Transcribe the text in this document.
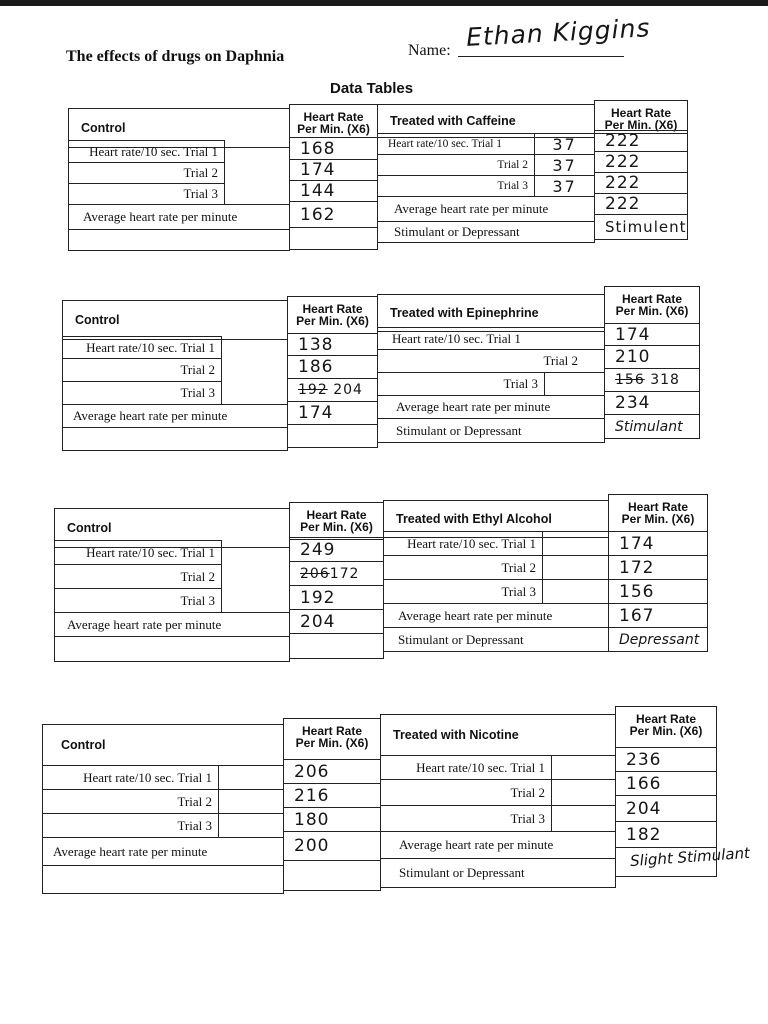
The effects of drugs on Daphnia	Name: Ethan Kiggins
Data Tables
Control
Heart Rate
Per Min. (X6)
Treated with Caffeine
Heart Rate
Per Min. (X6)
Heart rate/10 sec. Trial 1
Trial 2
Trial 3
Average heart rate per minute
168
174
144
162
Heart rate/10 sec. Trial 1
Trial 2
Trial 3
37
37
37
Average heart rate per minute
Stimulant or Depressant
222
222
222
222
Stimulent
Control
Heart Rate
Per Min. (X6)
Treated with Epinephrine
Heart Rate
Per Min. (X6)
Heart rate/10 sec. Trial 1
Trial 2
Trial 3
Average heart rate per minute
138
186
192
204
174
Heart rate/10 sec. Trial 1
Trial 2
Trial 3
Average heart rate per minute
Stimulant or Depressant
174
210
156
318
234
Stimulant
Control
Heart Rate
Per Min. (X6)
Treated with Ethyl Alcohol
Heart Rate
Per Min. (X6)
Heart rate/10 sec. Trial 1
Trial 2
Trial 3
Average heart rate per minute
249
206 172
192
204
Heart rate/10 sec. Trial 1
Trial 2
Trial 3
Average heart rate per minute
Stimulant or Depressant
174
172
156
167
Depressant
Control
Heart Rate
Per Min. (X6)
Treated with Nicotine
Heart Rate
Per Min. (X6)
Heart rate/10 sec. Trial 1
Trial 2
Trial 3
Average heart rate per minute
206
216
180
200
Heart rate/10 sec. Trial 1
Trial 2
Trial 3
Average heart rate per minute
Stimulant or Depressant
236
166
204
182
Slight Stimulant
